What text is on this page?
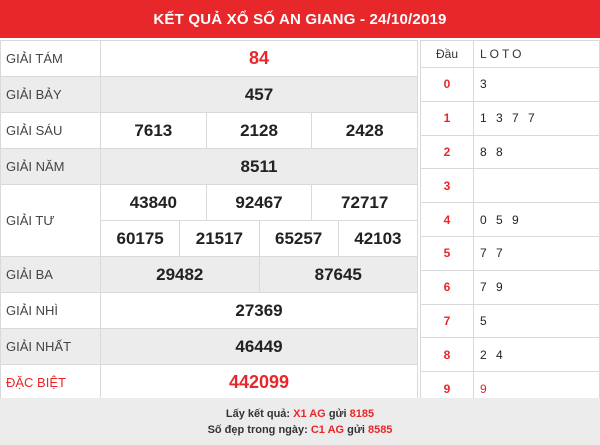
KẾT QUẢ XỔ SỐ AN GIANG - 24/10/2019
GIẢI TÁM	84

GIẢI BẢY	457

GIẢI SÁU	7613 2128 2428

GIẢI NĂM	8511

GIẢI TƯ	43840 92467 72717

60175 21517 65257 42103

GIẢI BA	29482 87645

GIẢI NHÌ	27369

GIẢI NHẤT	46449

ĐẶC BIỆT	442099
Đầu	LOTO
0	3
1	1 3 7 7
2	8 8
3	
4	0 5 9
5	7 7
6	7 9
7	5
8	2 4
9	9
Lấy kết quả: X1 AG gửi 8185
Số đẹp trong ngày: C1 AG gửi 8585
